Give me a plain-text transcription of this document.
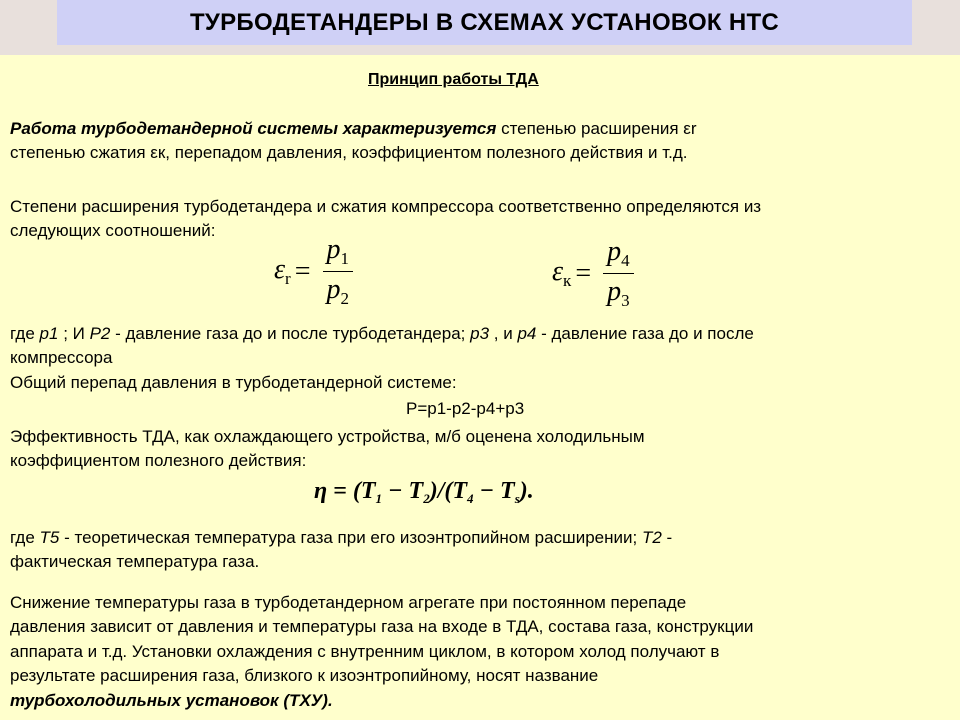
ТУРБОДЕТАНДЕРЫ В СХЕМАХ УСТАНОВОК НТС
Принцип работы ТДА
Работа турбодетандерной системы характеризуется степенью расширения εr
степенью сжатия εк, перепадом давления, коэффициентом полезного действия и т.д.
Степени расширения турбодетандера и сжатия компрессора соответственно определяются из
следующих соотношений:
$\varepsilon_r = \frac{p_1}{p_2}$	$\varepsilon_к = \frac{p_4}{p_3}$
где р1 ; И Р2 - давление газа до и после турбодетандера; р3 , и р4 - давление газа до и после
компрессора
Общий перепад давления в турбодетандерной системе:
Р=р1-р2-р4+р3
Эффективность ТДА, как охлаждающего устройства, м/б оценена холодильным
коэффициентом полезного действия:
$\eta = (T_1 - T_2)/(T_4 - T_s)$.
где Т5 - теоретическая температура газа при его изоэнтропийном расширении; Т2 -
фактическая температура газа.
Снижение температуры газа в турбодетандерном агрегате при постоянном перепаде
давления зависит от давления и температуры газа на входе в ТДА, состава газа, конструкции
аппарата и т.д. Установки охлаждения с внутренним циклом, в котором холод получают в
результате расширения газа, близкого к изоэнтропийному, носят название
турбохолодильных установок (ТХУ).
